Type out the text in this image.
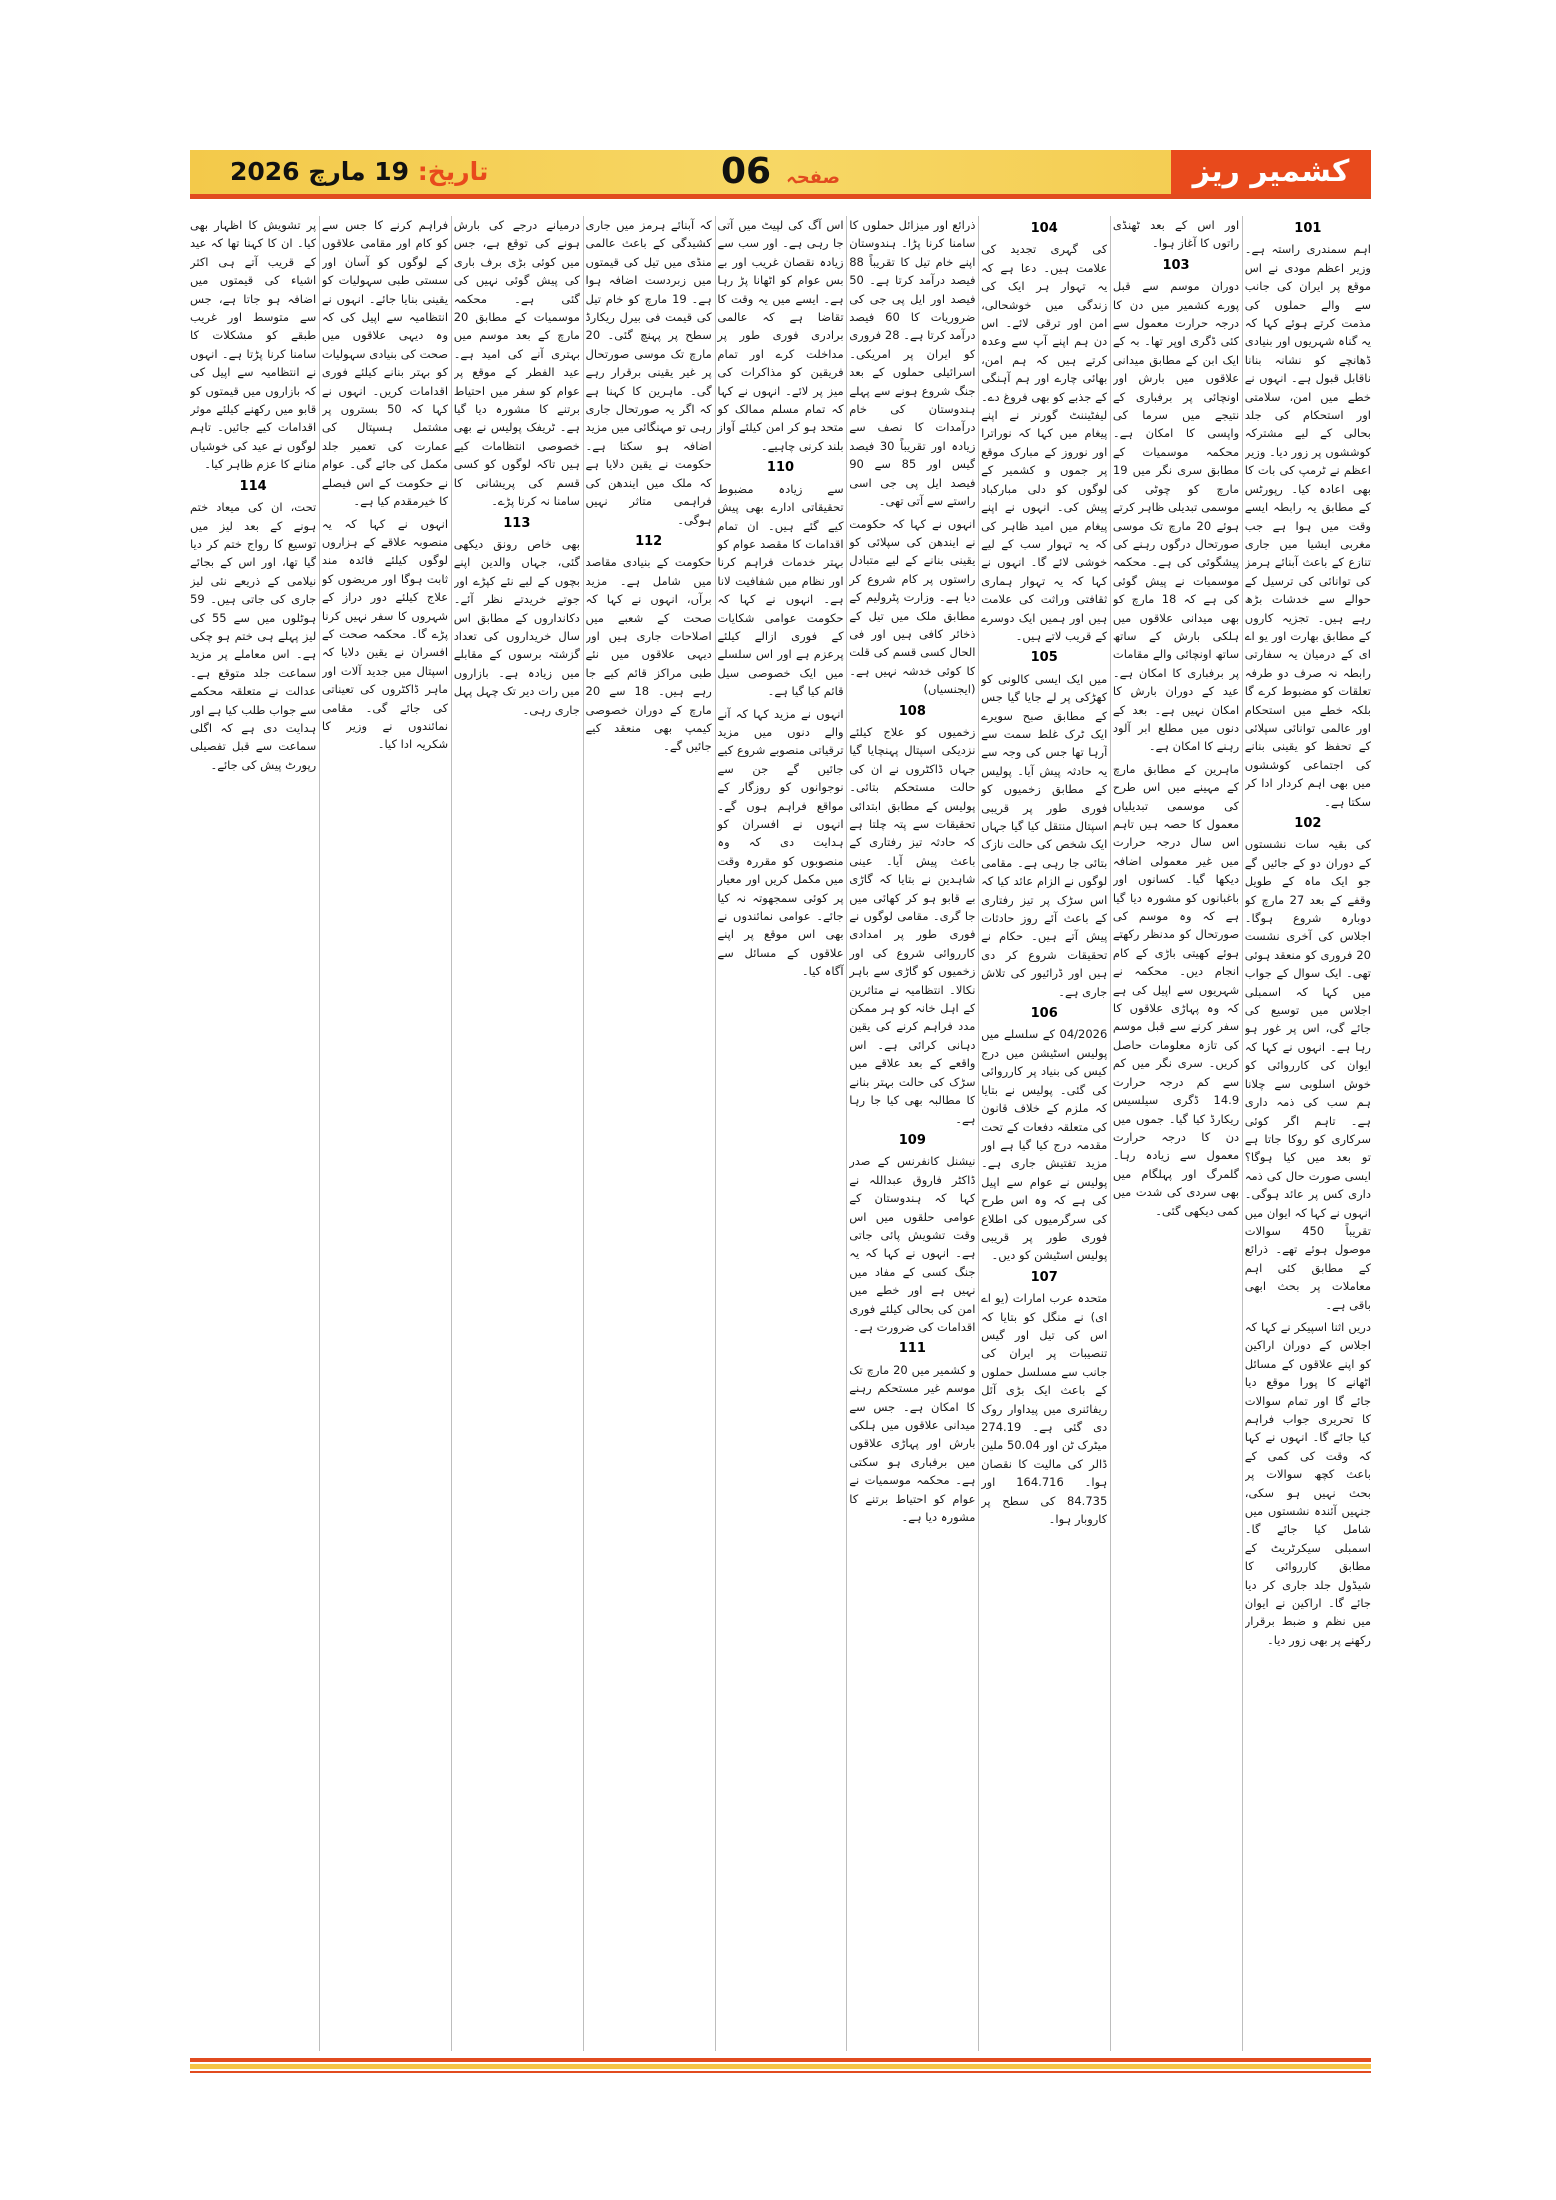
کشمیر ریز
صفحہ 06
تاریخ: 19 مارچ 2026
101

اہم سمندری راستہ ہے۔ وزیر اعظم مودی نے اس موقع پر ایران کی جانب سے والے حملوں کی مذمت کرتے ہوئے کہا کہ یہ گناہ شہریوں اور بنیادی ڈھانچے کو نشانہ بنانا ناقابل قبول ہے۔ انہوں نے خطے میں امن، سلامتی اور استحکام کی جلد بحالی کے لیے مشترکہ کوششوں پر زور دیا۔ وزیر اعظم نے ٹرمپ کی بات کا بھی اعادہ کیا۔ رپورٹس کے مطابق یہ رابطہ ایسے وقت میں ہوا ہے جب مغربی ایشیا میں جاری تنازع کے باعث آبنائے ہرمز کی توانائی کی ترسیل کے حوالے سے خدشات بڑھ رہے ہیں۔ تجزیہ کاروں کے مطابق بھارت اور یو اے ای کے درمیان یہ سفارتی رابطہ نہ صرف دو طرفہ تعلقات کو مضبوط کرے گا بلکہ خطے میں استحکام اور عالمی توانائی سپلائی کے تحفظ کو یقینی بنانے کی اجتماعی کوششوں میں بھی اہم کردار ادا کر سکتا ہے۔

102

کی بقیہ سات نشستوں کے دوران دو کے جائیں گے جو ایک ماہ کے طویل وقفے کے بعد 27 مارچ کو دوبارہ شروع ہوگا۔ اجلاس کی آخری نشست 20 فروری کو منعقد ہوئی تھی۔ ایک سوال کے جواب میں کہا کہ اسمبلی اجلاس میں توسیع کی جائے گی، اس پر غور ہو رہا ہے۔ انہوں نے کہا کہ ایوان کی کارروائی کو خوش اسلوبی سے چلانا ہم سب کی ذمہ داری ہے۔ تاہم اگر کوئی سرکاری کو روکا جاتا ہے تو بعد میں کیا ہوگا؟ ایسی صورت حال کی ذمہ داری کس پر عائد ہوگی۔ انہوں نے کہا کہ ایوان میں تقریباً 450 سوالات موصول ہوئے تھے۔ ذرائع کے مطابق کئی اہم معاملات پر بحث ابھی باقی ہے۔

دریں اثنا اسپیکر نے کہا کہ اجلاس کے دوران اراکین کو اپنے علاقوں کے مسائل اٹھانے کا پورا موقع دیا جائے گا اور تمام سوالات کا تحریری جواب فراہم کیا جائے گا۔ انہوں نے کہا کہ وقت کی کمی کے باعث کچھ سوالات پر بحث نہیں ہو سکی، جنہیں آئندہ نشستوں میں شامل کیا جائے گا۔ اسمبلی سیکرٹریٹ کے مطابق کارروائی کا شیڈول جلد جاری کر دیا جائے گا۔ اراکین نے ایوان میں نظم و ضبط برقرار رکھنے پر بھی زور دیا۔

اور اس کے بعد ٹھنڈی راتوں کا آغاز ہوا۔

103

دوران موسم سے قبل پورے کشمیر میں دن کا درجہ حرارت معمول سے کئی ڈگری اوپر تھا۔ بہ کے ایک ابن کے مطابق میدانی علاقوں میں بارش اور اونچائی پر برفباری کے نتیجے میں سرما کی واپسی کا امکان ہے۔ محکمہ موسمیات کے مطابق سری نگر میں 19 مارچ کو چوٹی کی موسمی تبدیلی ظاہر کرتے ہوئے 20 مارچ تک موسی صورتحال درگوں رہنے کی پیشگوئی کی ہے۔ محکمہ موسمیات نے پیش گوئی کی ہے کہ 18 مارچ کو بھی میدانی علاقوں میں ہلکی بارش کے ساتھ ساتھ اونچائی والے مقامات پر برفباری کا امکان ہے۔ عید کے دوران بارش کا امکان نہیں ہے۔ بعد کے دنوں میں مطلع ابر آلود رہنے کا امکان ہے۔

ماہرین کے مطابق مارچ کے مہینے میں اس طرح کی موسمی تبدیلیاں معمول کا حصہ ہیں تاہم اس سال درجہ حرارت میں غیر معمولی اضافہ دیکھا گیا۔ کسانوں اور باغبانوں کو مشورہ دیا گیا ہے کہ وہ موسم کی صورتحال کو مدنظر رکھتے ہوئے کھیتی باڑی کے کام انجام دیں۔ محکمہ نے شہریوں سے اپیل کی ہے کہ وہ پہاڑی علاقوں کا سفر کرنے سے قبل موسم کی تازہ معلومات حاصل کریں۔ سری نگر میں کم سے کم درجہ حرارت 14.9 ڈگری سیلسیس ریکارڈ کیا گیا۔ جموں میں دن کا درجہ حرارت معمول سے زیادہ رہا۔ گلمرگ اور پہلگام میں بھی سردی کی شدت میں کمی دیکھی گئی۔

104

کی گہری تجدید کی علامت ہیں۔ دعا ہے کہ یہ تہوار ہر ایک کی زندگی میں خوشحالی، امن اور ترقی لائے۔ اس دن ہم اپنے آپ سے وعدہ کرتے ہیں کہ ہم امن، بھائی چارے اور ہم آہنگی کے جذبے کو بھی فروغ دے۔ لیفٹیننٹ گورنر نے اپنے پیغام میں کہا کہ نوراترا اور نوروز کے مبارک موقع پر جموں و کشمیر کے لوگوں کو دلی مبارکباد پیش کی۔ انہوں نے اپنے پیغام میں امید ظاہر کی کہ یہ تہوار سب کے لیے خوشی لائے گا۔ انہوں نے کہا کہ یہ تہوار ہماری ثقافتی وراثت کی علامت ہیں اور ہمیں ایک دوسرے کے قریب لاتے ہیں۔

105

میں ایک ایسی کالونی کو کھڑکی پر لے جایا گیا جس کے مطابق صبح سویرے ایک ٹرک غلط سمت سے آرہا تھا جس کی وجہ سے یہ حادثہ پیش آیا۔ پولیس کے مطابق زخمیوں کو فوری طور پر قریبی اسپتال منتقل کیا گیا جہاں ایک شخص کی حالت نازک بتائی جا رہی ہے۔ مقامی لوگوں نے الزام عائد کیا کہ اس سڑک پر تیز رفتاری کے باعث آئے روز حادثات پیش آتے ہیں۔ حکام نے تحقیقات شروع کر دی ہیں اور ڈرائیور کی تلاش جاری ہے۔

106

04/2026 کے سلسلے میں پولیس اسٹیشن میں درج کیس کی بنیاد پر کارروائی کی گئی۔ پولیس نے بتایا کہ ملزم کے خلاف قانون کی متعلقہ دفعات کے تحت مقدمہ درج کیا گیا ہے اور مزید تفتیش جاری ہے۔ پولیس نے عوام سے اپیل کی ہے کہ وہ اس طرح کی سرگرمیوں کی اطلاع فوری طور پر قریبی پولیس اسٹیشن کو دیں۔

107

متحدہ عرب امارات (یو اے ای) نے منگل کو بتایا کہ اس کی تیل اور گیس تنصیبات پر ایران کی جانب سے مسلسل حملوں کے باعث ایک بڑی آئل ریفائنری میں پیداوار روک دی گئی ہے۔ 274.19 میٹرک ٹن اور 50.04 ملین ڈالر کی مالیت کا نقصان ہوا۔ 164.716 اور 84.735 کی سطح پر کاروبار ہوا۔

ذرائع اور میزائل حملوں کا سامنا کرنا پڑا۔ ہندوستان اپنے خام تیل کا تقریباً 88 فیصد درآمد کرتا ہے۔ 50 فیصد اور ایل پی جی کی ضروریات کا 60 فیصد درآمد کرتا ہے۔ 28 فروری کو ایران پر امریکی۔ اسرائیلی حملوں کے بعد جنگ شروع ہونے سے پہلے ہندوستان کی خام درآمدات کا نصف سے زیادہ اور تقریباً 30 فیصد گیس اور 85 سے 90 فیصد ایل پی جی اسی راستے سے آتی تھی۔

انہوں نے کہا کہ حکومت نے ایندھن کی سپلائی کو یقینی بنانے کے لیے متبادل راستوں پر کام شروع کر دیا ہے۔ وزارت پٹرولیم کے مطابق ملک میں تیل کے ذخائر کافی ہیں اور فی الحال کسی قسم کی قلت کا کوئی خدشہ نہیں ہے۔ (ایجنسیاں)

108

زخمیوں کو علاج کیلئے نزدیکی اسپتال پہنچایا گیا جہاں ڈاکٹروں نے ان کی حالت مستحکم بتائی۔ پولیس کے مطابق ابتدائی تحقیقات سے پتہ چلتا ہے کہ حادثہ تیز رفتاری کے باعث پیش آیا۔ عینی شاہدین نے بتایا کہ گاڑی بے قابو ہو کر کھائی میں جا گری۔ مقامی لوگوں نے فوری طور پر امدادی کارروائی شروع کی اور زخمیوں کو گاڑی سے باہر نکالا۔ انتظامیہ نے متاثرین کے اہل خانہ کو ہر ممکن مدد فراہم کرنے کی یقین دہانی کرائی ہے۔ اس واقعے کے بعد علاقے میں سڑک کی حالت بہتر بنانے کا مطالبہ بھی کیا جا رہا ہے۔

109

نیشنل کانفرنس کے صدر ڈاکٹر فاروق عبداللہ نے کہا کہ ہندوستان کے عوامی حلقوں میں اس وقت تشویش پائی جاتی ہے۔ انہوں نے کہا کہ یہ جنگ کسی کے مفاد میں نہیں ہے اور خطے میں امن کی بحالی کیلئے فوری اقدامات کی ضرورت ہے۔

111

و کشمیر میں 20 مارچ تک موسم غیر مستحکم رہنے کا امکان ہے۔ جس سے میدانی علاقوں میں ہلکی بارش اور پہاڑی علاقوں میں برفباری ہو سکتی ہے۔ محکمہ موسمیات نے عوام کو احتیاط برتنے کا مشورہ دیا ہے۔

اس آگ کی لپیٹ میں آتی جا رہی ہے۔ اور سب سے زیادہ نقصان غریب اور بے بس عوام کو اٹھانا پڑ رہا ہے۔ ایسے میں یہ وقت کا تقاضا ہے کہ عالمی برادری فوری طور پر مداخلت کرے اور تمام فریقین کو مذاکرات کی میز پر لائے۔ انہوں نے کہا کہ تمام مسلم ممالک کو متحد ہو کر امن کیلئے آواز بلند کرنی چاہیے۔

110

سے زیادہ مضبوط تحقیقاتی ادارے بھی پیش کیے گئے ہیں۔ ان تمام اقدامات کا مقصد عوام کو بہتر خدمات فراہم کرنا اور نظام میں شفافیت لانا ہے۔ انہوں نے کہا کہ حکومت عوامی شکایات کے فوری ازالے کیلئے پرعزم ہے اور اس سلسلے میں ایک خصوصی سیل قائم کیا گیا ہے۔

انہوں نے مزید کہا کہ آنے والے دنوں میں مزید ترقیاتی منصوبے شروع کیے جائیں گے جن سے نوجوانوں کو روزگار کے مواقع فراہم ہوں گے۔ انہوں نے افسران کو ہدایت دی کہ وہ منصوبوں کو مقررہ وقت میں مکمل کریں اور معیار پر کوئی سمجھوتہ نہ کیا جائے۔ عوامی نمائندوں نے بھی اس موقع پر اپنے علاقوں کے مسائل سے آگاہ کیا۔

کہ آبنائے ہرمز میں جاری کشیدگی کے باعث عالمی منڈی میں تیل کی قیمتوں میں زبردست اضافہ ہوا ہے۔ 19 مارچ کو خام تیل کی قیمت فی بیرل ریکارڈ سطح پر پہنچ گئی۔ 20 مارچ تک موسی صورتحال پر غیر یقینی برقرار رہے گی۔ ماہرین کا کہنا ہے کہ اگر یہ صورتحال جاری رہی تو مہنگائی میں مزید اضافہ ہو سکتا ہے۔ حکومت نے یقین دلایا ہے کہ ملک میں ایندھن کی فراہمی متاثر نہیں ہوگی۔

112

حکومت کے بنیادی مقاصد میں شامل ہے۔ مزید برآں، انہوں نے کہا کہ صحت کے شعبے میں اصلاحات جاری ہیں اور دیہی علاقوں میں نئے طبی مراکز قائم کیے جا رہے ہیں۔ 18 سے 20 مارچ کے دوران خصوصی کیمپ بھی منعقد کیے جائیں گے۔

درمیانے درجے کی بارش ہونے کی توقع ہے، جس میں کوئی بڑی برف باری کی پیش گوئی نہیں کی گئی ہے۔ محکمہ موسمیات کے مطابق 20 مارچ کے بعد موسم میں بہتری آنے کی امید ہے۔ عید الفطر کے موقع پر عوام کو سفر میں احتیاط برتنے کا مشورہ دیا گیا ہے۔ ٹریفک پولیس نے بھی خصوصی انتظامات کیے ہیں تاکہ لوگوں کو کسی قسم کی پریشانی کا سامنا نہ کرنا پڑے۔

113

بھی خاص رونق دیکھی گئی، جہاں والدین اپنے بچوں کے لیے نئے کپڑے اور جوتے خریدتے نظر آئے۔ دکانداروں کے مطابق اس سال خریداروں کی تعداد گزشتہ برسوں کے مقابلے میں زیادہ ہے۔ بازاروں میں رات دیر تک چہل پہل جاری رہی۔

فراہم کرنے کا جس سے کو کام اور مقامی علاقوں کے لوگوں کو آسان اور سستی طبی سہولیات کو یقینی بنایا جائے۔ انہوں نے انتظامیہ سے اپیل کی کہ وہ دیہی علاقوں میں صحت کی بنیادی سہولیات کو بہتر بنانے کیلئے فوری اقدامات کریں۔ انہوں نے کہا کہ 50 بستروں پر مشتمل ہسپتال کی عمارت کی تعمیر جلد مکمل کی جائے گی۔ عوام نے حکومت کے اس فیصلے کا خیرمقدم کیا ہے۔

انہوں نے کہا کہ یہ منصوبہ علاقے کے ہزاروں لوگوں کیلئے فائدہ مند ثابت ہوگا اور مریضوں کو علاج کیلئے دور دراز کے شہروں کا سفر نہیں کرنا پڑے گا۔ محکمہ صحت کے افسران نے یقین دلایا کہ اسپتال میں جدید آلات اور ماہر ڈاکٹروں کی تعیناتی کی جائے گی۔ مقامی نمائندوں نے وزیر کا شکریہ ادا کیا۔

پر تشویش کا اظہار بھی کیا۔ ان کا کہنا تھا کہ عید کے قریب آتے ہی اکثر اشیاء کی قیمتوں میں اضافہ ہو جاتا ہے، جس سے متوسط اور غریب طبقے کو مشکلات کا سامنا کرنا پڑتا ہے۔ انہوں نے انتظامیہ سے اپیل کی کہ بازاروں میں قیمتوں کو قابو میں رکھنے کیلئے موثر اقدامات کیے جائیں۔ تاہم لوگوں نے عید کی خوشیاں منانے کا عزم ظاہر کیا۔

114

تحت، ان کی میعاد ختم ہونے کے بعد لیز میں توسیع کا رواج ختم کر دیا گیا تھا، اور اس کے بجائے نیلامی کے ذریعے نئی لیز جاری کی جاتی ہیں۔ 59 ہوٹلوں میں سے 55 کی لیز پہلے ہی ختم ہو چکی ہے۔ اس معاملے پر مزید سماعت جلد متوقع ہے۔ عدالت نے متعلقہ محکمے سے جواب طلب کیا ہے اور ہدایت دی ہے کہ اگلی سماعت سے قبل تفصیلی رپورٹ پیش کی جائے۔
